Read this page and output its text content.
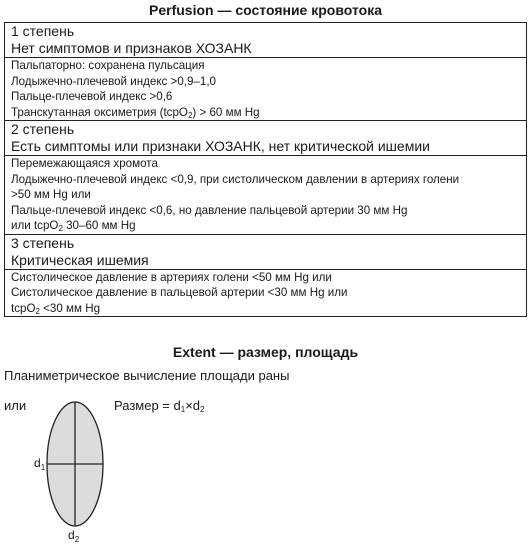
Perfusion — состояние кровотока
1 степень
Нет симптомов и признаков ХОЗАНК

Пальпаторно: сохранена пульсация
Лодыжечно-плечевой индекс >0,9–1,0
Пальце-плечевой индекс >0,6
Транскутанная оксиметрия (tcpO$_2$) > 60 мм Hg

2 степень
Есть симптомы или признаки ХОЗАНК, нет критической ишемии

Перемежающаяся хромота
Лодыжечно-плечевой индекс <0,9, при систолическом давлении в артериях голени
>50 мм Hg или
Пальце-плечевой индекс <0,6, но давление пальцевой артерии 30 мм Hg
или tcpO$_2$ 30–60 мм Hg

3 степень
Критическая ишемия

Систолическое давление в артериях голени <50 мм Hg или
Систолическое давление в пальцевой артерии <30 мм Hg или
tcpO$_2$ <30 мм Hg
Extent — размер, площадь
Планиметрическое вычисление площади раны
или	Размер = $d_1\times d_2$
$d_1$
$d_2$
